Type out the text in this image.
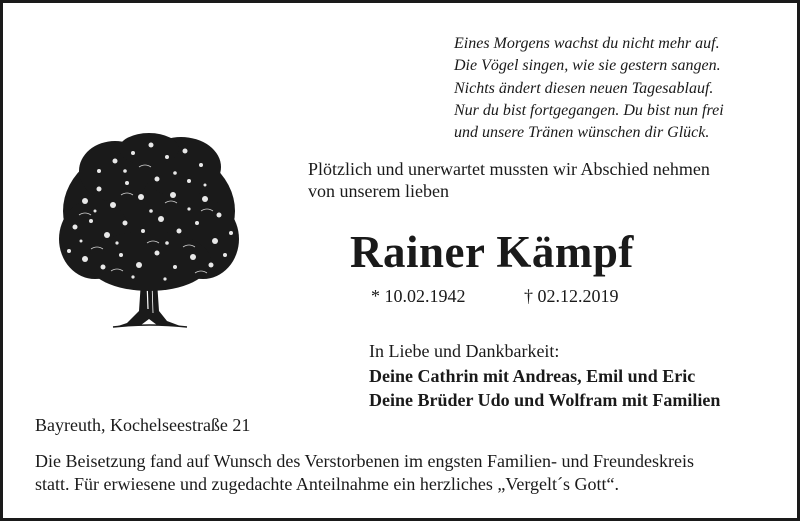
Eines Morgens wachst du nicht mehr auf.
Die Vögel singen, wie sie gestern sangen.
Nichts ändert diesen neuen Tagesablauf.
Nur du bist fortgegangen. Du bist nun frei
und unsere Tränen wünschen dir Glück.
Plötzlich und unerwartet mussten wir Abschied nehmen
von unserem lieben
Rainer Kämpf
* 10.02.1942	† 02.12.2019
In Liebe und Dankbarkeit:
Deine Cathrin mit Andreas, Emil und Eric
Deine Brüder Udo und Wolfram mit Familien
Bayreuth, Kochelseestraße 21
Die Beisetzung fand auf Wunsch des Verstorbenen im engsten Familien- und Freundeskreis
statt. Für erwiesene und zugedachte Anteilnahme ein herzliches „Vergelt´s Gott“.
